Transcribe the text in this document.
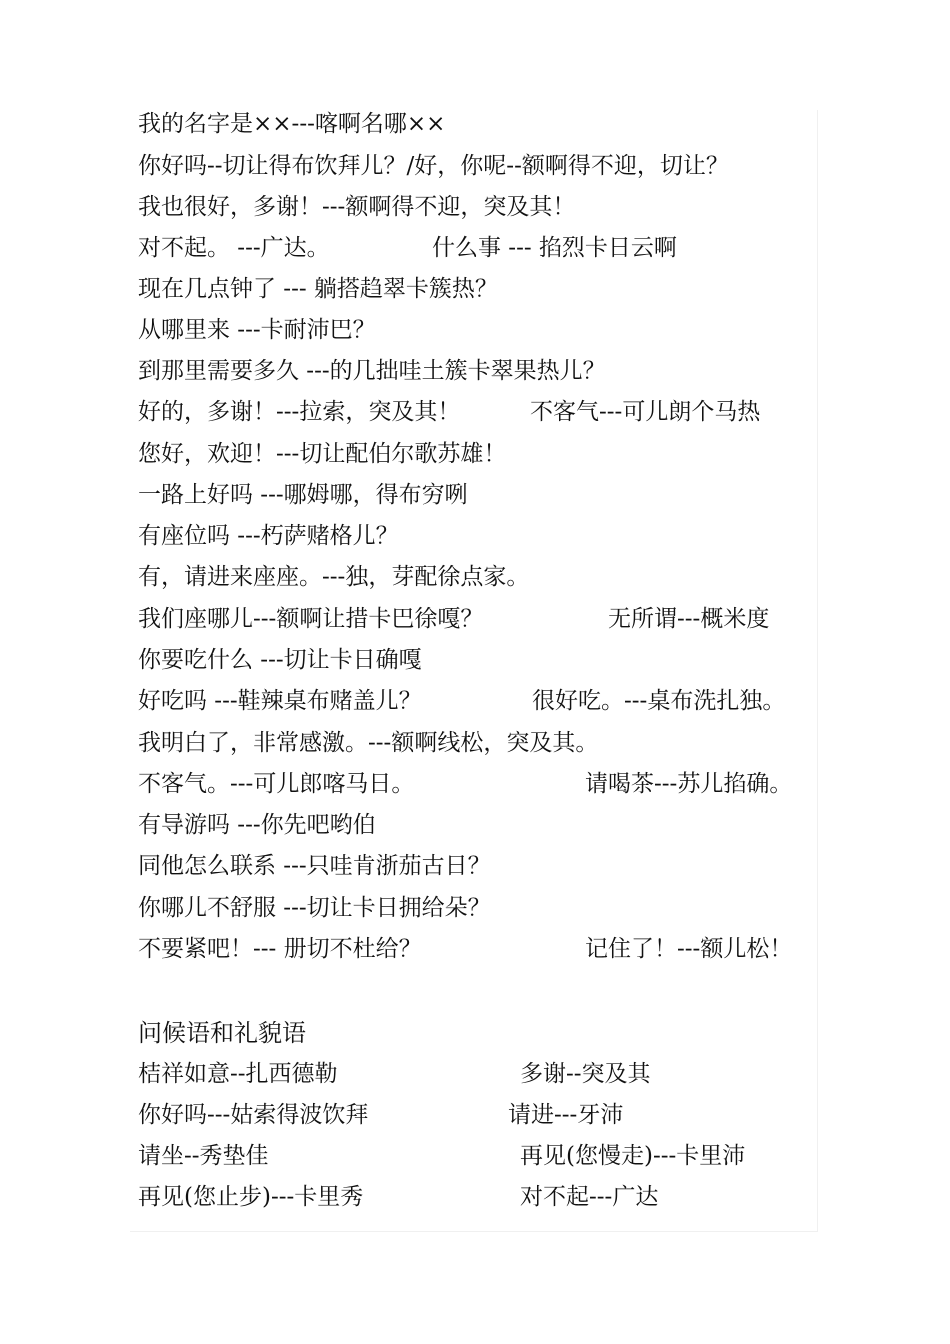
我的名字是××---喀啊名哪××
你好吗--切让得布饮拜儿？/好，你呢--额啊得不迎，切让？
我也很好，多谢！---额啊得不迎，突及其！
对不起。 ---广达。	什么事 --- 掐烈卡日云啊
现在几点钟了 --- 躺搭趋翠卡簇热？
从哪里来 ---卡耐沛巴？
到那里需要多久 ---的几拙哇土簇卡翠果热儿？
好的，多谢！---拉索，突及其！	不客气---可儿朗个马热
您好，欢迎！---切让配伯尔歌苏雄！
一路上好吗 ---哪姆哪，得布穷咧
有座位吗 ---朽萨赌格儿？
有，请进来座座。---独，芽配徐点家。
我们座哪儿---额啊让措卡巴徐嘎？	无所谓---概米度
你要吃什么 ---切让卡日确嘎
好吃吗 ---鞋辣桌布赌盖儿？	很好吃。---桌布洗扎独。
我明白了，非常感激。---额啊线松，突及其。
不客气。---可儿郎喀马日。	请喝茶---苏儿掐确。
有导游吗 ---你先吧哟伯
同他怎么联系 ---只哇肯浙茄古日？
你哪儿不舒服 ---切让卡日拥给朵？
不要紧吧！--- 册切不杜给？	记住了！---额儿松！
问候语和礼貌语
桔祥如意--扎西德勒	多谢--突及其
你好吗---姑索得波饮拜	请进---牙沛
请坐--秀垫佳	再见(您慢走)---卡里沛
再见(您止步)---卡里秀	对不起---广达
